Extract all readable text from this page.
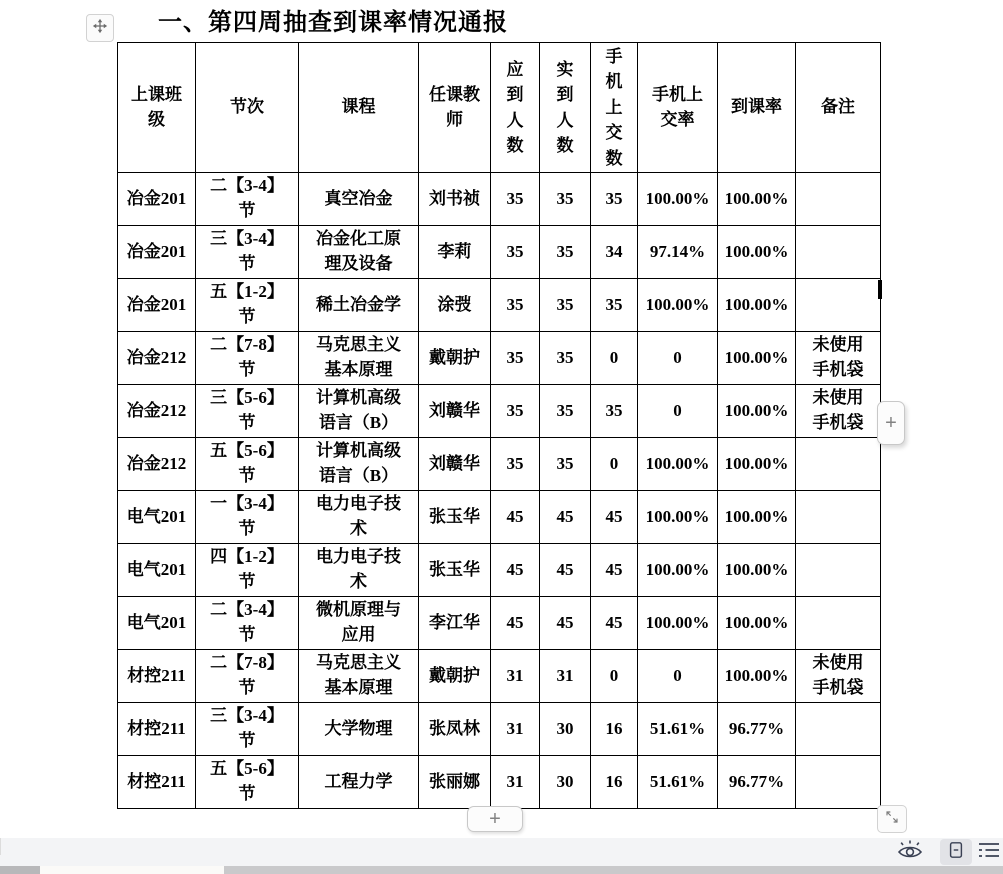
一、第四周抽查到课率情况通报
上课班级	节次	课程	任课教师	应到人数	实到人数	手机上交数	手机上交率	到课率	备注
冶金201	二【3-4】节	真空冶金	刘书祯	35	35	35	100.00%	100.00%	
冶金201	三【3-4】节	冶金化工原理及设备	李莉	35	35	34	97.14%	100.00%	
冶金201	五【1-2】节	稀土冶金学	涂弢	35	35	35	100.00%	100.00%	
冶金212	二【7-8】节	马克思主义基本原理	戴朝护	35	35	0	0	100.00%	未使用手机袋
冶金212	三【5-6】节	计算机高级语言（B）	刘赣华	35	35	35	0	100.00%	未使用手机袋
冶金212	五【5-6】节	计算机高级语言（B）	刘赣华	35	35	0	100.00%	100.00%	
电气201	一【3-4】节	电力电子技术	张玉华	45	45	45	100.00%	100.00%	
电气201	四【1-2】节	电力电子技术	张玉华	45	45	45	100.00%	100.00%	
电气201	二【3-4】节	微机原理与应用	李江华	45	45	45	100.00%	100.00%	
材控211	二【7-8】节	马克思主义基本原理	戴朝护	31	31	0	0	100.00%	未使用手机袋
材控211	三【3-4】节	大学物理	张凤林	31	30	16	51.61%	96.77%	
材控211	五【5-6】节	工程力学	张丽娜	31	30	16	51.61%	96.77%	
+
+
